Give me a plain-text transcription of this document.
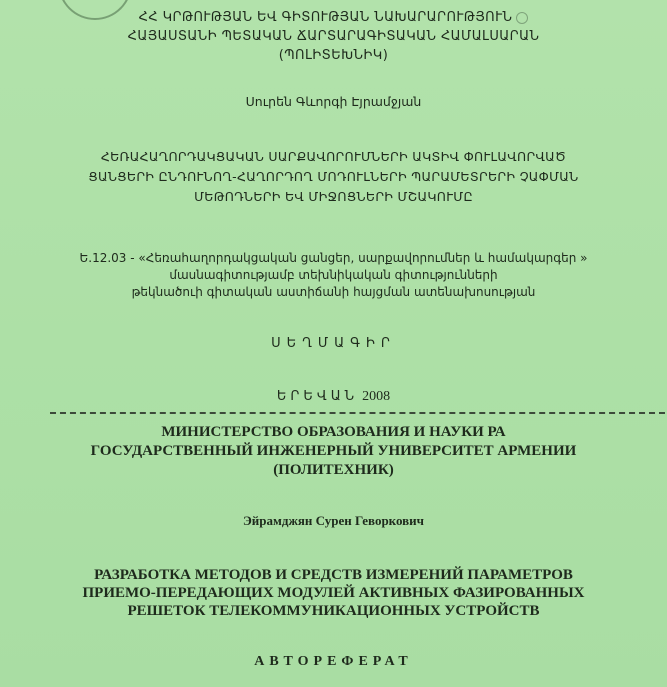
ՀՀ ԿՐԹՈՒԹՅԱՆ ԵՎ ԳԻՏՈՒԹՅԱՆ ՆԱԽԱՐԱՐՈՒԹՅՈՒՆ
ՀԱՅԱՍՏԱՆԻ ՊԵՏԱԿԱՆ ՃԱՐՏԱՐԱԳԻՏԱԿԱՆ ՀԱՄԱԼՍԱՐԱՆ
(ՊՈԼԻՏԵԽՆԻԿ)
Սուրեն Գևորգի Էյրամջյան
ՀԵՌԱՀԱՂՈՐԴԱԿՑԱԿԱՆ ՍԱՐՔԱՎՈՐՈՒՄՆԵՐԻ ԱԿՏԻՎ ՓՈՒԼԱՎՈՐՎԱԾ
ՑԱՆՑԵՐԻ ԸՆԴՈՒՆՈՂ-ՀԱՂՈՐԴՈՂ ՄՈԴՈՒԼՆԵՐԻ ՊԱՐԱՄԵՏՐԵՐԻ ՉԱՓՄԱՆ
ՄԵԹՈԴՆԵՐԻ ԵՎ ՄԻՋՈՑՆԵՐԻ ՄՇԱԿՈՒՄԸ
Ե.12.03 - «Հեռահաղորդակցական ցանցեր, սարքավորումներ և համակարգեր »
մասնագիտությամբ տեխնիկական գիտությունների
թեկնածուի գիտական աստիճանի հայցման ատենախոսության
ՍԵՂՄԱԳԻՐ
ԵՐԵՎԱՆ 2008
МИНИСТЕРСТВО ОБРАЗОВАНИЯ И НАУКИ РА
ГОСУДАРСТВЕННЫЙ ИНЖЕНЕРНЫЙ УНИВЕРСИТЕТ АРМЕНИИ
(ПОЛИТЕХНИК)
Эйрамджян Сурен Геворкович
РАЗРАБОТКА МЕТОДОВ И СРЕДСТВ ИЗМЕРЕНИЙ ПАРАМЕТРОВ
ПРИЕМО-ПЕРЕДАЮЩИХ МОДУЛЕЙ АКТИВНЫХ ФАЗИРОВАННЫХ
РЕШЕТОК ТЕЛЕКОММУНИКАЦИОННЫХ УСТРОЙСТВ
АВТОРЕФЕРАТ
